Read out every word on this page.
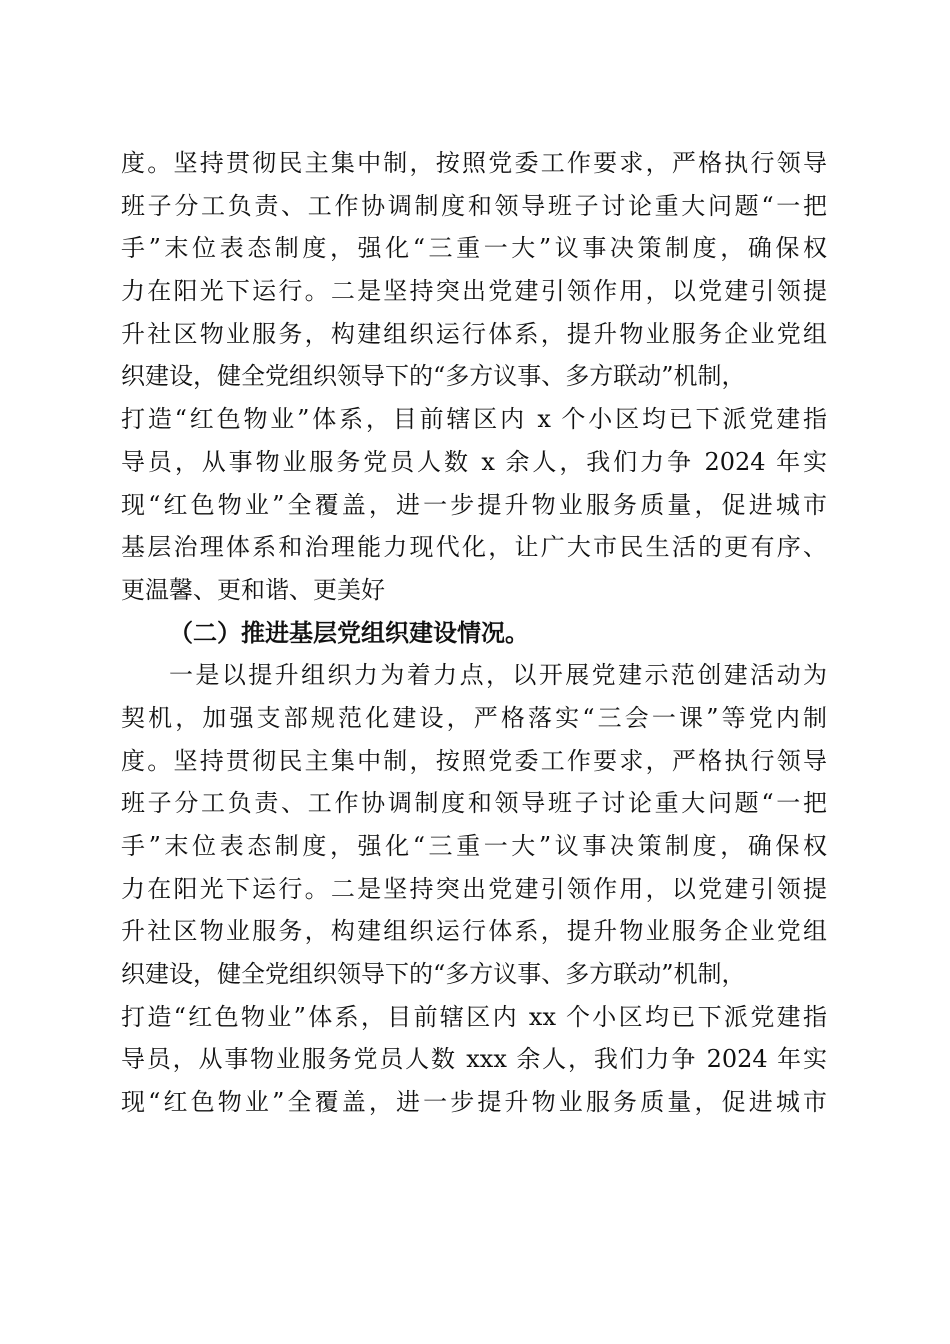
度。坚持贯彻民主集中制，按照党委工作要求，严格执行领导
班子分工负责、工作协调制度和领导班子讨论重大问题“一把
手”末位表态制度，强化“三重一大”议事决策制度，确保权
力在阳光下运行。二是坚持突出党建引领作用，以党建引领提
升社区物业服务，构建组织运行体系，提升物业服务企业党组
织建设，健全党组织领导下的“多方议事、多方联动”机制，
打造“红色物业”体系，目前辖区内 x 个小区均已下派党建指
导员，从事物业服务党员人数 x 余人，我们力争 2024 年实
现“红色物业”全覆盖，进一步提升物业服务质量，促进城市
基层治理体系和治理能力现代化，让广大市民生活的更有序、
更温馨、更和谐、更美好
（二）推进基层党组织建设情况。
一是以提升组织力为着力点，以开展党建示范创建活动为
契机，加强支部规范化建设，严格落实“三会一课”等党内制
度。坚持贯彻民主集中制，按照党委工作要求，严格执行领导
班子分工负责、工作协调制度和领导班子讨论重大问题“一把
手”末位表态制度，强化“三重一大”议事决策制度，确保权
力在阳光下运行。二是坚持突出党建引领作用，以党建引领提
升社区物业服务，构建组织运行体系，提升物业服务企业党组
织建设，健全党组织领导下的“多方议事、多方联动”机制，
打造“红色物业”体系，目前辖区内 xx 个小区均已下派党建指
导员，从事物业服务党员人数 xxx 余人，我们力争 2024 年实
现“红色物业”全覆盖，进一步提升物业服务质量，促进城市
